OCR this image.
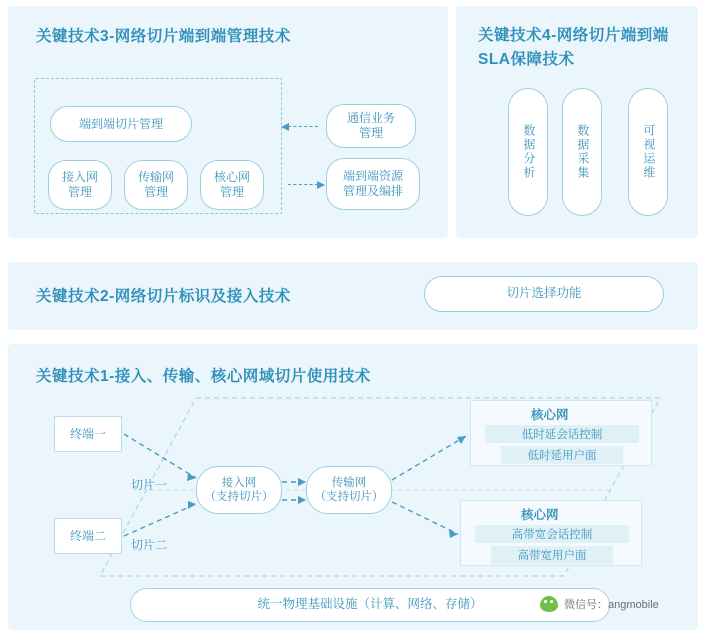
关键技术3-网络切片端到端管理技术
端到端切片管理
接入网
管理
传输网
管理
核心网
管理
通信业务
管理
端到端资源
管理及编排
关键技术4-网络切片端到端SLA保障技术
数据分析	数据采集	可视运维
关键技术2-网络切片标识及接入技术	切片选择功能
关键技术1-接入、传输、核心网域切片使用技术
终端一
终端二
切片一
切片二
接入网
（支持切片）
传输网
（支持切片）
核心网
低时延会话控制
低时延用户面
核心网
高带宽会话控制
高带宽用户面
统一物理基础设施（计算、网络、存储）	微信号：angmobile
